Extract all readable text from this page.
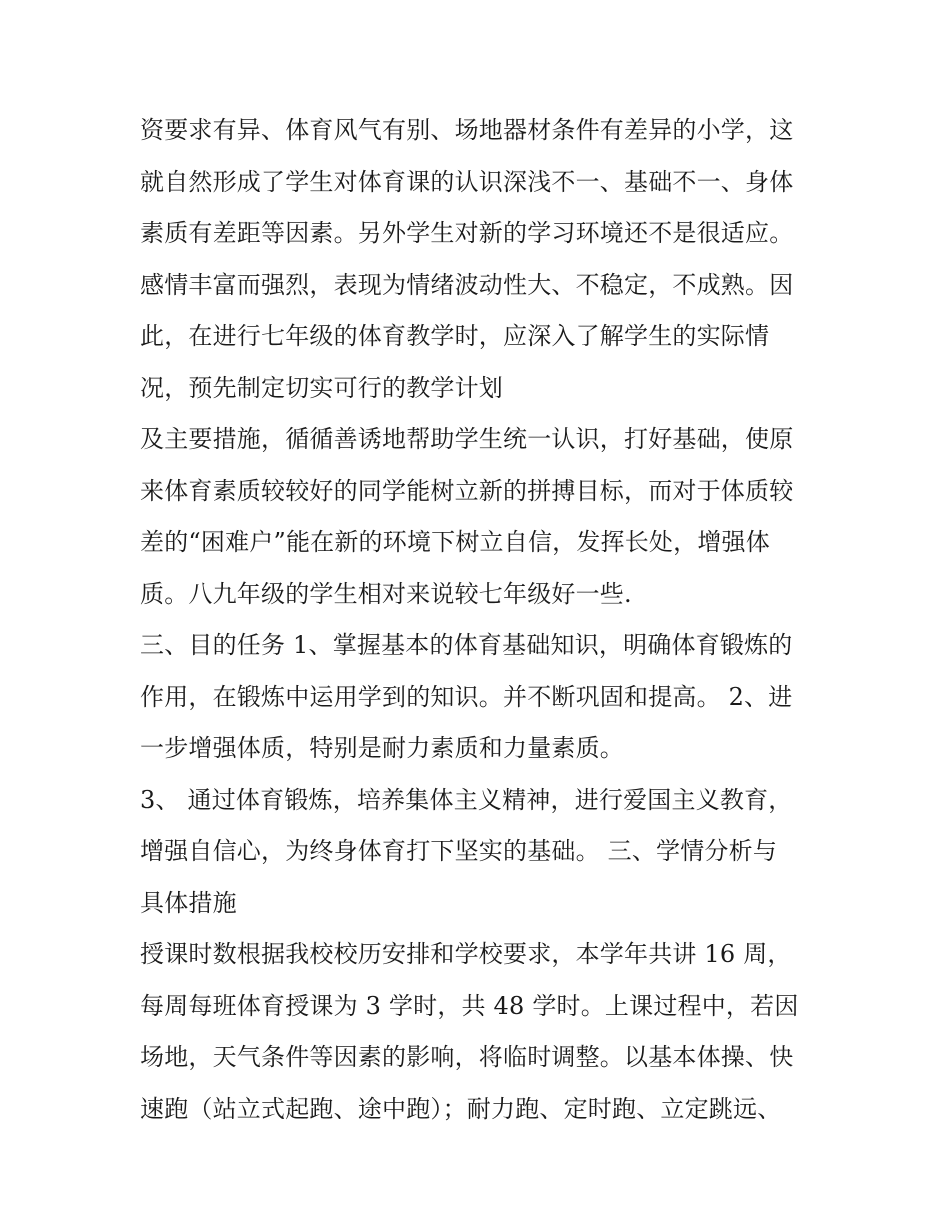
资要求有异、体育风气有别、场地器材条件有差异的小学，这
就自然形成了学生对体育课的认识深浅不一、基础不一、身体
素质有差距等因素。另外学生对新的学习环境还不是很适应。
感情丰富而强烈，表现为情绪波动性大、不稳定，不成熟。因
此，在进行七年级的体育教学时，应深入了解学生的实际情
况，预先制定切实可行的教学计划
及主要措施，循循善诱地帮助学生统一认识，打好基础，使原
来体育素质较较好的同学能树立新的拼搏目标，而对于体质较
差的“困难户”能在新的环境下树立自信，发挥长处，增强体
质。八九年级的学生相对来说较七年级好一些.
三、目的任务 1、掌握基本的体育基础知识，明确体育锻炼的
作用，在锻炼中运用学到的知识。并不断巩固和提高。 2、进
一步增强体质，特别是耐力素质和力量素质。
3、 通过体育锻炼，培养集体主义精神，进行爱国主义教育，
增强自信心，为终身体育打下坚实的基础。 三、学情分析与
具体措施
授课时数根据我校校历安排和学校要求，本学年共讲 16 周，
每周每班体育授课为 3 学时，共 48 学时。上课过程中，若因
场地，天气条件等因素的影响，将临时调整。以基本体操、快
速跑（站立式起跑、途中跑）；耐力跑、定时跑、立定跳远、
